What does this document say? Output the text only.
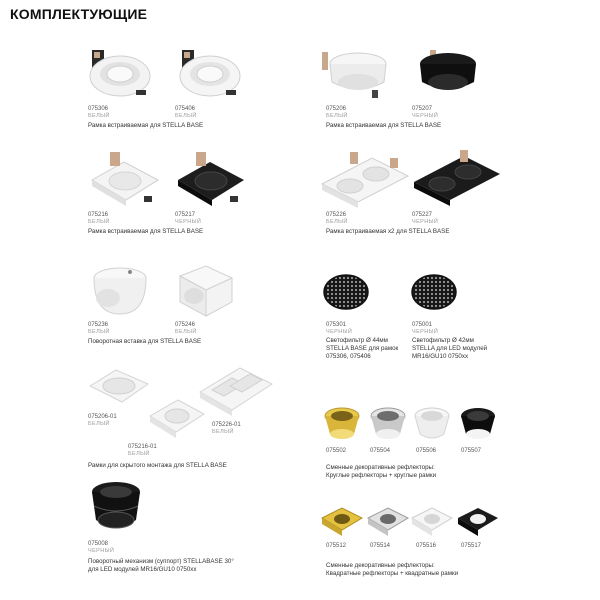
КОМПЛЕКТУЮЩИЕ
075306
БЕЛЫЙ
075406
БЕЛЫЙ
Рамка встраиваемая для STELLA BASE
075216
БЕЛЫЙ
075217
ЧЕРНЫЙ
Рамка встраиваемая для STELLA BASE
075236
БЕЛЫЙ
075246
БЕЛЫЙ
Поворотная вставка для STELLA BASE
075206-01
БЕЛЫЙ
075216-01
БЕЛЫЙ
075226-01
БЕЛЫЙ
Рамки для скрытого монтажа для STELLA BASE
075008
ЧЕРНЫЙ
Поворотный механизм (суппорт) STELLABASE 30°
для LED модулей MR16/GU10 0750хх
075206
БЕЛЫЙ
075207
ЧЕРНЫЙ
Рамка встраиваемая для STELLA BASE
075226
БЕЛЫЙ
075227
ЧЕРНЫЙ
Рамка встраиваемая х2 для STELLA BASE
075301
ЧЕРНЫЙ
Светофильтр Ø 44мм
STELLA BASE для рамок
075306, 075406
075001
ЧЕРНЫЙ
Светофильтр Ø 42мм
STELLA для LED модулей
MR16/GU10 0750хх
075502	075504	075506	075507
Сменные декоративные рефлекторы:
Круглые рефлекторы + круглые рамки
075512	075514	075516	075517
Сменные декоративные рефлекторы:
Квадратные рефлекторы + квадратные рамки
